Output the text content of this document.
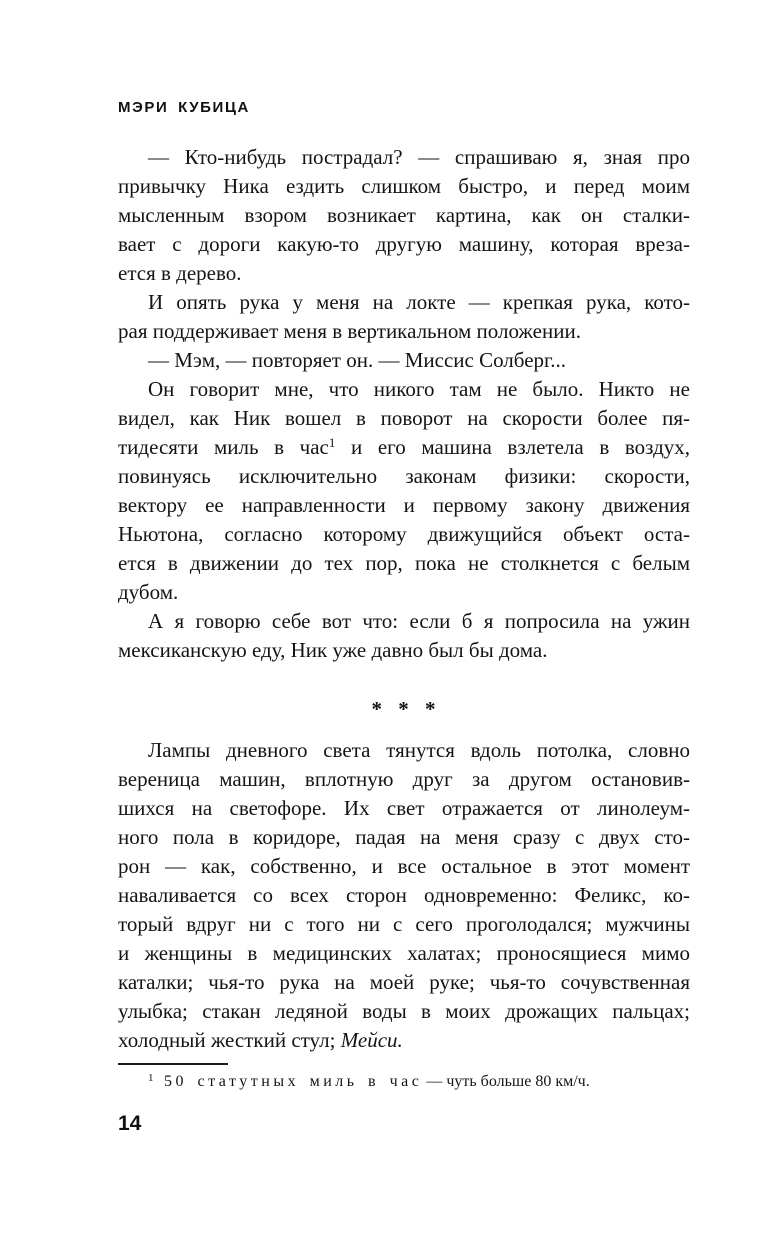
МЭРИ КУБИЦА
— Кто-нибудь пострадал? — спрашиваю я, зная про
привычку Ника ездить слишком быстро, и перед моим
мысленным взором возникает картина, как он сталки-
вает с дороги какую-то другую машину, которая вреза-
ется в дерево.
И опять рука у меня на локте — крепкая рука, кото-
рая поддерживает меня в вертикальном положении.
— Мэм, — повторяет он. — Миссис Солберг...
Он говорит мне, что никого там не было. Никто не
видел, как Ник вошел в поворот на скорости более пя-
тидесяти миль в час$^1$ и его машина взлетела в воздух,
повинуясь исключительно законам физики: скорости,
вектору ее направленности и первому закону движения
Ньютона, согласно которому движущийся объект оста-
ется в движении до тех пор, пока не столкнется с белым
дубом.
А я говорю себе вот что: если б я попросила на ужин
мексиканскую еду, Ник уже давно был бы дома.
* * *
Лампы дневного света тянутся вдоль потолка, словно
вереница машин, вплотную друг за другом остановив-
шихся на светофоре. Их свет отражается от линолеум-
ного пола в коридоре, падая на меня сразу с двух сто-
рон — как, собственно, и все остальное в этот момент
наваливается со всех сторон одновременно: Феликс, ко-
торый вдруг ни с того ни с сего проголодался; мужчины
и женщины в медицинских халатах; проносящиеся мимо
каталки; чья-то рука на моей руке; чья-то сочувственная
улыбка; стакан ледяной воды в моих дрожащих пальцах;
холодный жесткий стул; Мейси.
$^1$ 50 статутных миль в час — чуть больше 80 км/ч.
14
